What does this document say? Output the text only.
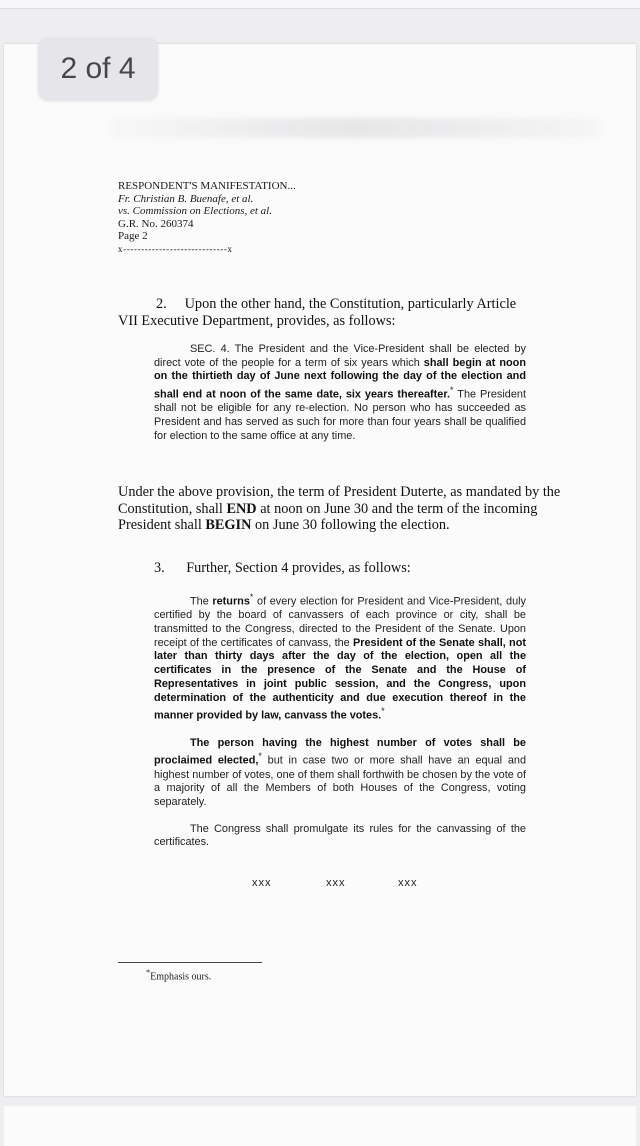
2 of 4
RESPONDENT'S MANIFESTATION...
Fr. Christian B. Buenafe, et al.
vs. Commission on Elections, et al.
G.R. No. 260374
Page 2
x-----------------------------x
2. Upon the other hand, the Constitution, particularly Article
VII Executive Department, provides, as follows:
SEC. 4. The President and the Vice-President shall be elected by direct vote of the people for a term of six years which shall begin at noon on the thirtieth day of June next following the day of the election and shall end at noon of the same date, six years thereafter.* The President shall not be eligible for any re-election. No person who has succeeded as President and has served as such for more than four years shall be qualified for election to the same office at any time.
Under the above provision, the term of President Duterte, as mandated by the Constitution, shall END at noon on June 30 and the term of the incoming President shall BEGIN on June 30 following the election.
3. Further, Section 4 provides, as follows:
The returns* of every election for President and Vice-President, duly certified by the board of canvassers of each province or city, shall be transmitted to the Congress, directed to the President of the Senate. Upon receipt of the certificates of canvass, the President of the Senate shall, not later than thirty days after the day of the election, open all the certificates in the presence of the Senate and the House of Representatives in joint public session, and the Congress, upon determination of the authenticity and due execution thereof in the manner provided by law, canvass the votes.*
The person having the highest number of votes shall be proclaimed elected,* but in case two or more shall have an equal and highest number of votes, one of them shall forthwith be chosen by the vote of a majority of all the Members of both Houses of the Congress, voting separately.
The Congress shall promulgate its rules for the canvassing of the certificates.
xxx	xxx	xxx
*Emphasis ours.
